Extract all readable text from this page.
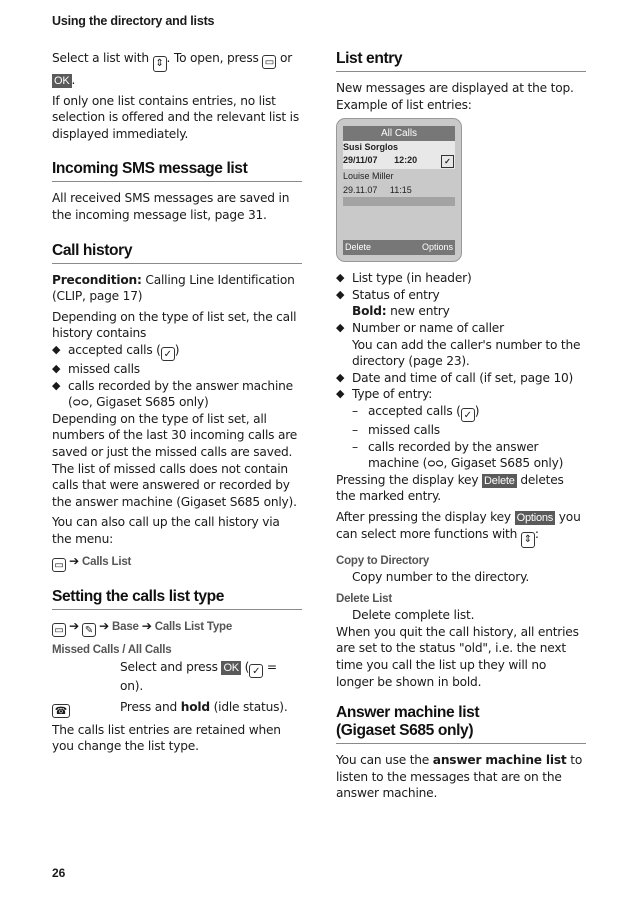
Using the directory and lists

Select a list with ⇕ . To open, press ▭ or OK .

If only one list contains entries, no list selection is offered and the relevant list is displayed immediately.

Incoming SMS message list

All received SMS messages are saved in the incoming message list, page 31.

Call history

Precondition: Calling Line Identification (CLIP, page 17)

Depending on the type of list set, the call history contains

◆ accepted calls ( ✓ )

◆ missed calls

◆ calls recorded by the answer machine
(ᴑᴑ, Gigaset S685 only)

Depending on the type of list set, all numbers of the last 30 incoming calls are saved or just the missed calls are saved. The list of missed calls does not contain calls that were answered or recorded by the answer machine (Gigaset S685 only).

You can also call up the call history via the menu:

▭ ➔ Calls List

Setting the calls list type

▭ ➔ ✎ ➔ Base ➔ Calls List Type

Missed Calls / All Calls

Select and press OK ( ✓ = on).

☎	Press and hold (idle status).

The calls list entries are retained when you change the list type.

List entry

New messages are displayed at the top.

Example of list entries:

All Calls
Susi Sorglos
29/11/07 12:20	✓
Louise Miller
29.11.07 11:15
Delete	Options

◆ List type (in header)

◆ Status of entry

Bold: new entry

◆ Number or name of caller

You can add the caller's number to the directory (page 23).

◆ Date and time of call (if set, page 10)

◆ Type of entry:

– accepted calls ( ✓ )

– missed calls

– calls recorded by the answer
machine (ᴑᴑ, Gigaset S685 only)

Pressing the display key Delete deletes the marked entry.

After pressing the display key Options you can select more functions with ⇕ :

Copy to Directory

Copy number to the directory.

Delete List

Delete complete list.

When you quit the call history, all entries are set to the status "old", i.e. the next time you call the list up they will no longer be shown in bold.

Answer machine list
(Gigaset S685 only)

You can use the answer machine list to listen to the messages that are on the answer machine.

26
